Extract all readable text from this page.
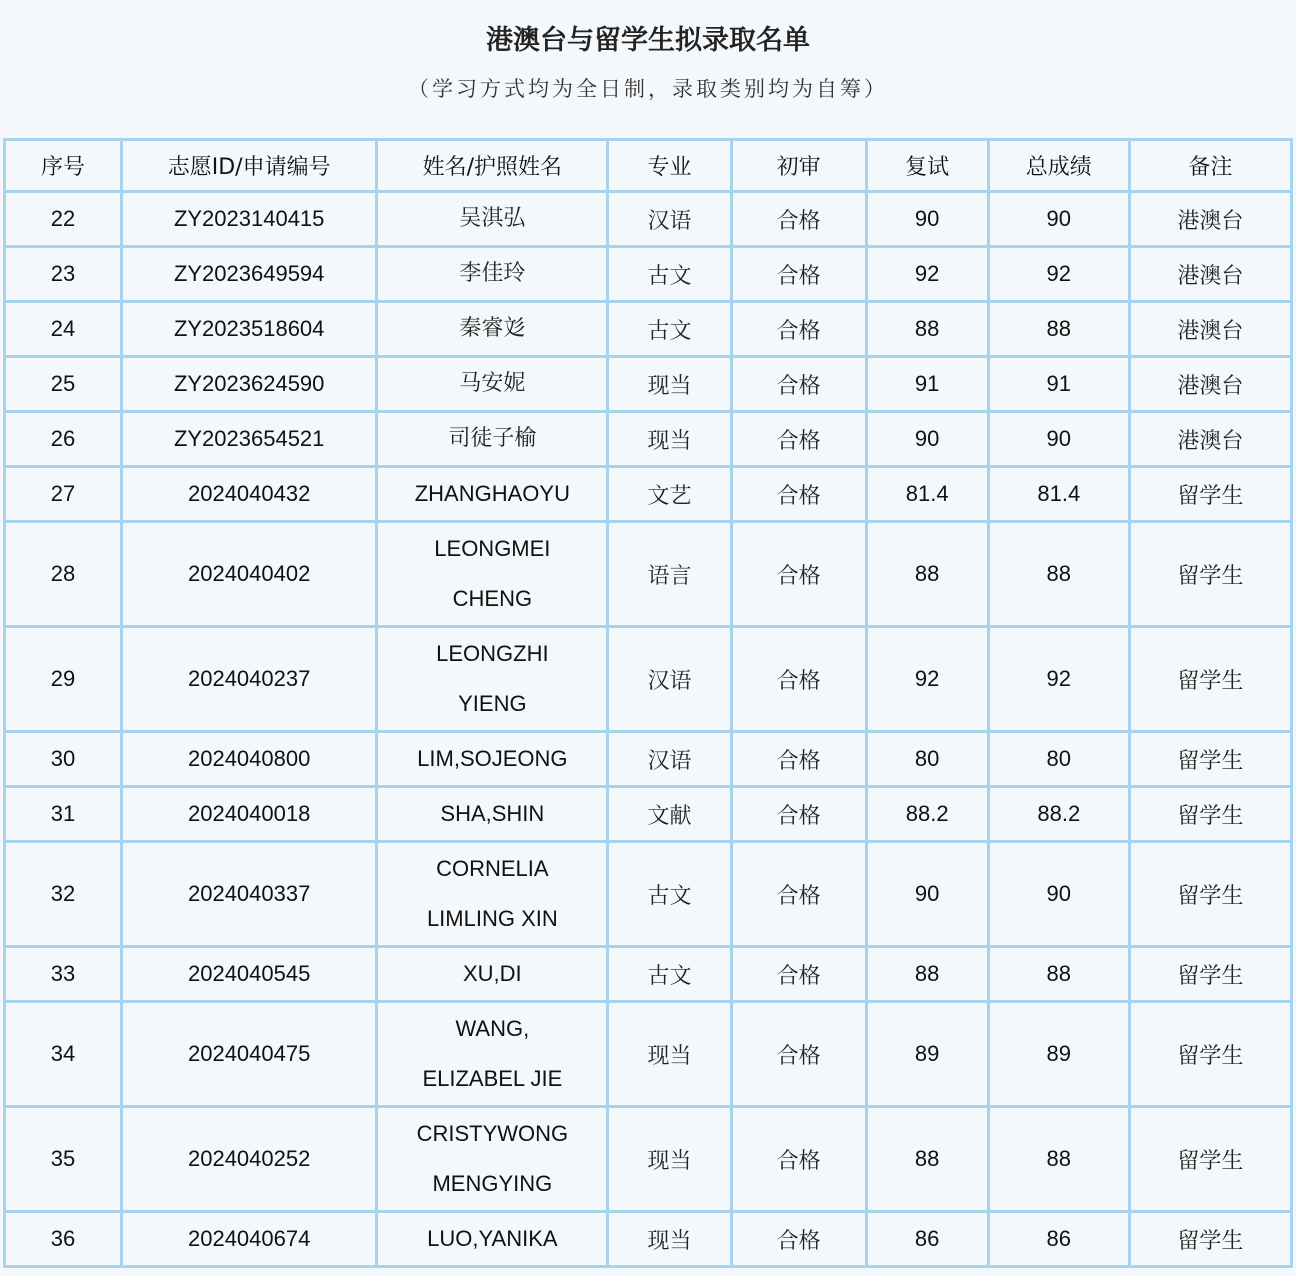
港澳台与留学生拟录取名单
（学习方式均为全日制，录取类别均为自筹）
序号	志愿ID/申请编号	姓名/护照姓名	专业	初审	复试	总成绩	备注
22	ZY2023140415	吴淇弘	汉语	合格	90	90	港澳台
23	ZY2023649594	李佳玲	古文	合格	92	92	港澳台
24	ZY2023518604	秦睿彣	古文	合格	88	88	港澳台
25	ZY2023624590	马安妮	现当	合格	91	91	港澳台
26	ZY2023654521	司徒子榆	现当	合格	90	90	港澳台
27	2024040432	ZHANGHAOYU	文艺	合格	81.4	81.4	留学生
28	2024040402	LEONGMEI
CHENG	语言	合格	88	88	留学生
29	2024040237	LEONGZHI
YIENG	汉语	合格	92	92	留学生
30	2024040800	LIM,SOJEONG	汉语	合格	80	80	留学生
31	2024040018	SHA,SHIN	文献	合格	88.2	88.2	留学生
32	2024040337	CORNELIA
LIMLING XIN	古文	合格	90	90	留学生
33	2024040545	XU,DI	古文	合格	88	88	留学生
34	2024040475	WANG,
ELIZABEL JIE	现当	合格	89	89	留学生
35	2024040252	CRISTYWONG
MENGYING	现当	合格	88	88	留学生
36	2024040674	LUO,YANIKA	现当	合格	86	86	留学生
